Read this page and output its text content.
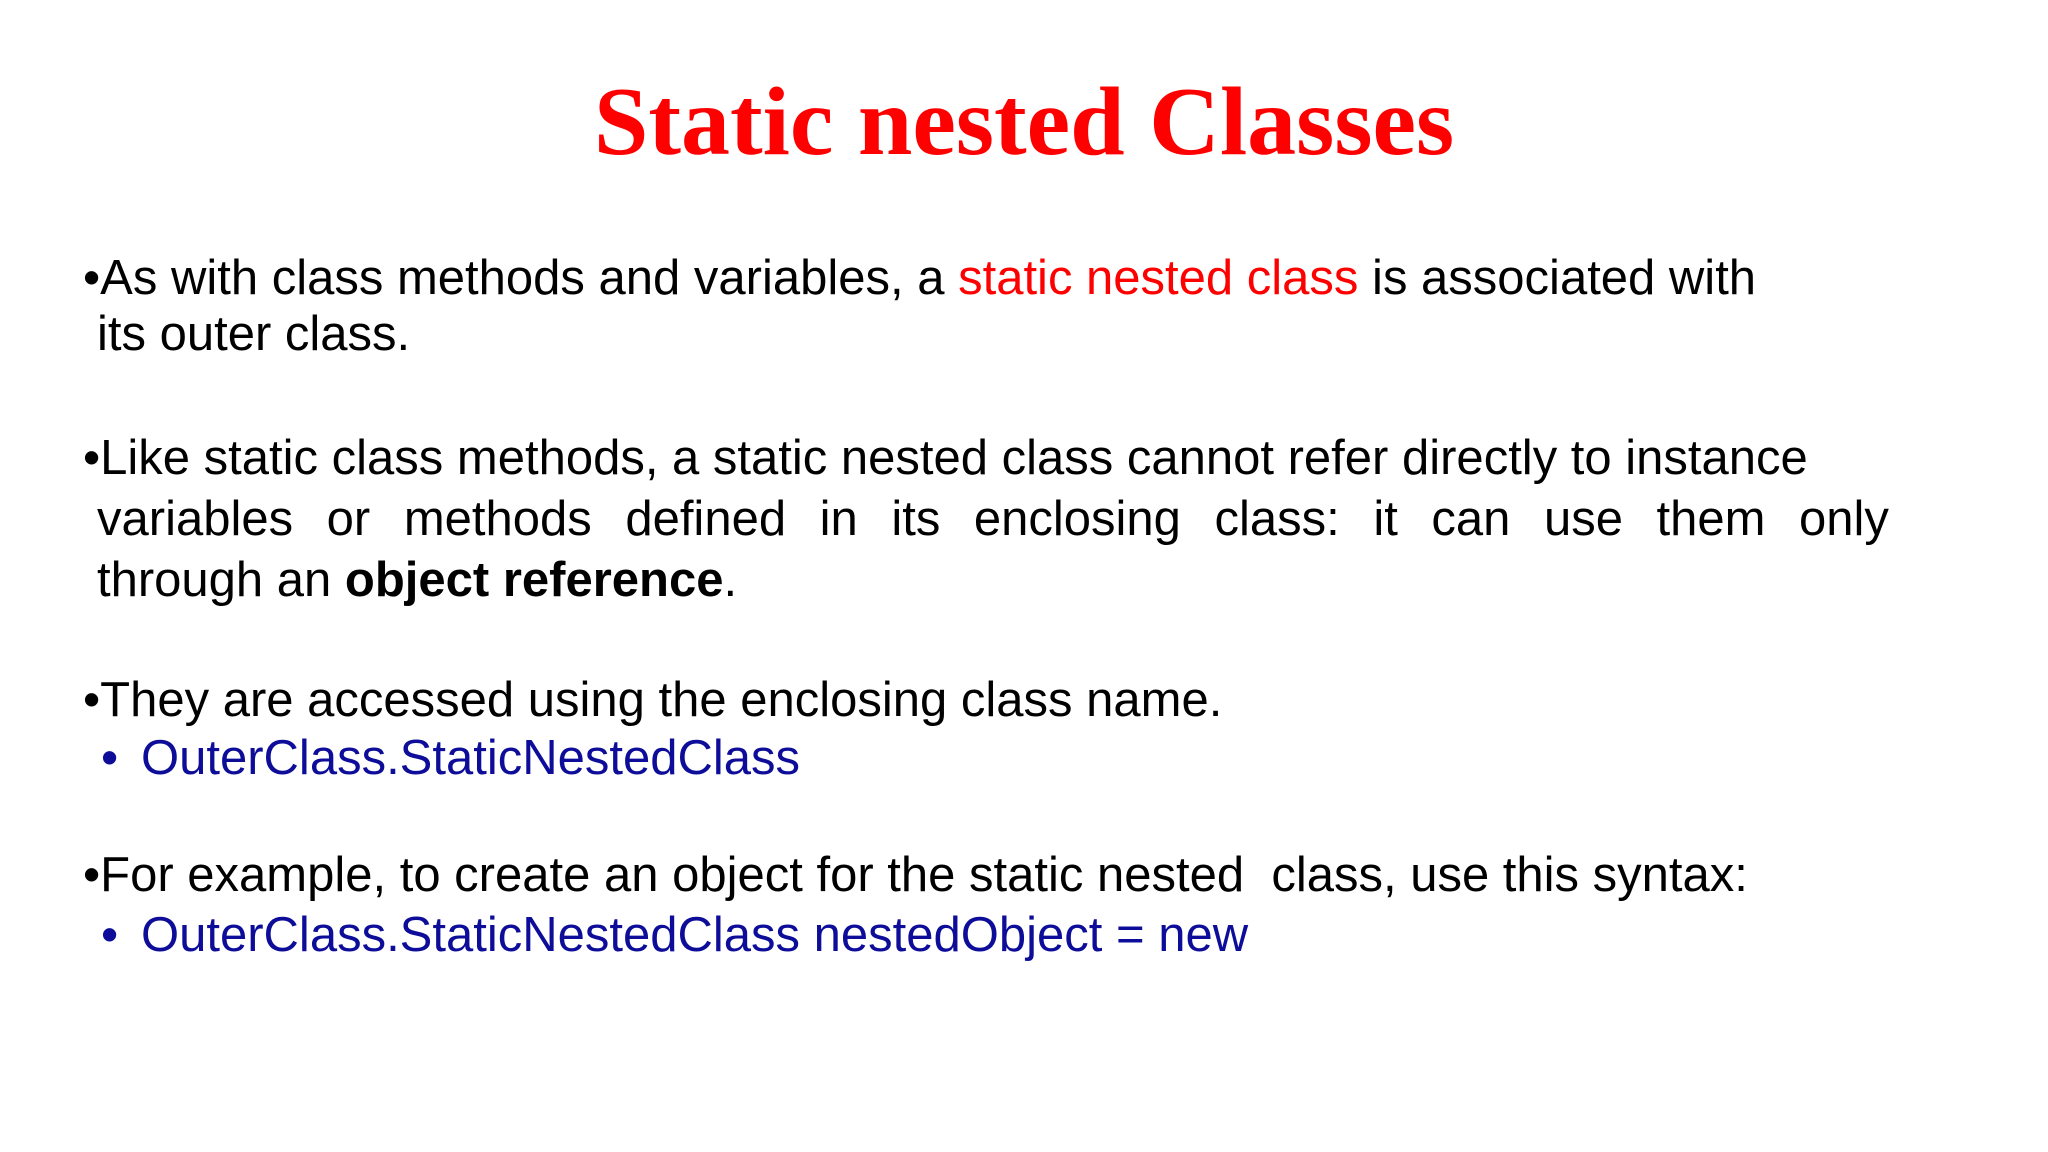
Static nested Classes
•As with class methods and variables, a static nested class is associated with
its outer class.
•Like static class methods, a static nested class cannot refer directly to instance
variables or methods defined in its enclosing class: it can use them only
through an object reference.
•They are accessed using the enclosing class name.
• OuterClass.StaticNestedClass
•For example, to create an object for the static nested  class, use this syntax:
• OuterClass.StaticNestedClass nestedObject = new
